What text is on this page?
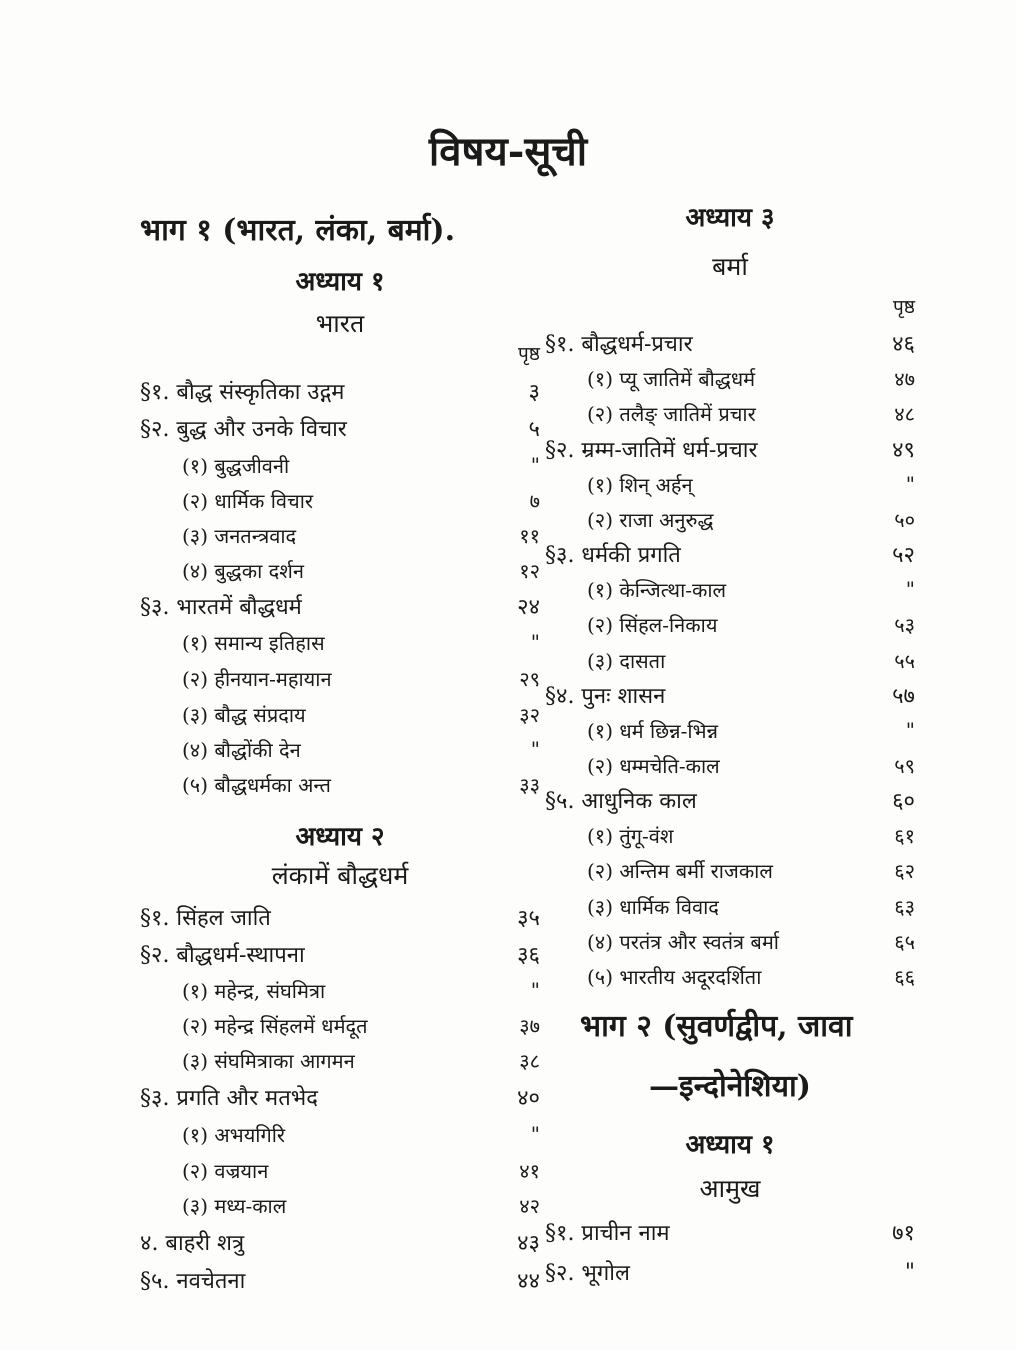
विषय-सूची
भाग १ (भारत, लंका, बर्मा).
अध्याय १
भारत
पृष्ठ
§१. बौद्ध संस्कृतिका उद्गम	३
§२. बुद्ध और उनके विचार	५
(१) बुद्धजीवनी	"
(२) धार्मिक विचार	७
(३) जनतन्त्रवाद	११
(४) बुद्धका दर्शन	१२
§३. भारतमें बौद्धधर्म	२४
(१) समान्य इतिहास	"
(२) हीनयान-महायान	२९
(३) बौद्ध संप्रदाय	३२
(४) बौद्धोंकी देन	"
(५) बौद्धधर्मका अन्त	३३
अध्याय २
लंकामें बौद्धधर्म
§१. सिंहल जाति	३५
§२. बौद्धधर्म-स्थापना	३६
(१) महेन्द्र, संघमित्रा	"
(२) महेन्द्र सिंहलमें धर्मदूत	३७
(३) संघमित्राका आगमन	३८
§३. प्रगति और मतभेद	४०
(१) अभयगिरि	"
(२) वज्रयान	४१
(३) मध्य-काल	४२
४. बाहरी शत्रु	४३
§५. नवचेतना	४४
अध्याय ३
बर्मा
पृष्ठ
§१. बौद्धधर्म-प्रचार	४६
(१) प्यू जातिमें बौद्धधर्म	४७
(२) तलैङ् जातिमें प्रचार	४८
§२. म्रम्म-जातिमें धर्म-प्रचार	४९
(१) शिन् अर्हन्	"
(२) राजा अनुरुद्ध	५०
§३. धर्मकी प्रगति	५२
(१) केन्जित्था-काल	"
(२) सिंहल-निकाय	५३
(३) दासता	५५
§४. पुनः शासन	५७
(१) धर्म छिन्न-भिन्न	"
(२) धम्मचेति-काल	५९
§५. आधुनिक काल	६०
(१) तुंगू-वंश	६१
(२) अन्तिम बर्मी राजकाल	६२
(३) धार्मिक विवाद	६३
(४) परतंत्र और स्वतंत्र बर्मा	६५
(५) भारतीय अदूरदर्शिता	६६
भाग २ (सुवर्णद्वीप, जावा
—इन्दोनेशिया)
अध्याय १
आमुख
§१. प्राचीन नाम	७१
§२. भूगोल	"
